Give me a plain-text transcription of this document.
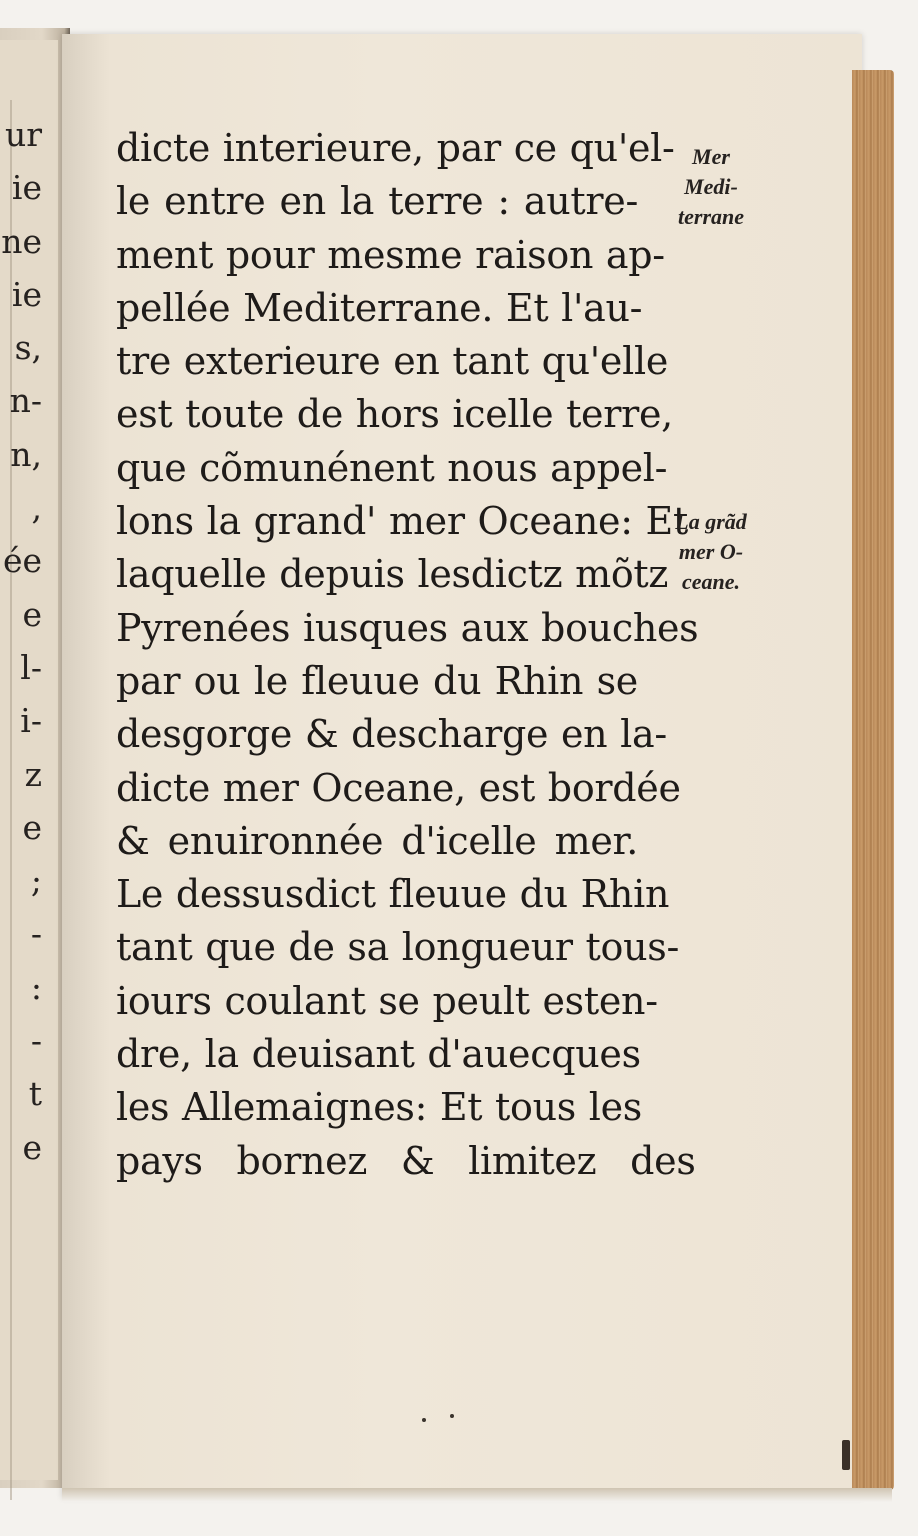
ur
ie
ne
ie
s,
n-
n,
,
ée
e
l-
i-
z
e
;
-
:
-
t
e
dicte interieure, par ce qu'el-
le entre en la terre : autre-
ment pour mesme raison ap-
pellée Mediterrane. Et l'au-
tre exterieure en tant qu'elle
est toute de hors icelle terre,
que cõmunénent nous appel-
lons la grand' mer Oceane: Et
laquelle depuis lesdictz mõtz
Pyrenées iusques aux bouches
par ou le fleuue du Rhin se
desgorge & descharge en la-
dicte mer Oceane, est bordée
& enuironnée d'icelle mer.
Le dessusdict fleuue du Rhin
tant que de sa longueur tous-
iours coulant se peult esten-
dre, la deuisant d'auecques
les Allemaignes: Et tous les
pays bornez & limitez des
Mer
Medi-
terrane
La grãd
mer O-
ceane.
